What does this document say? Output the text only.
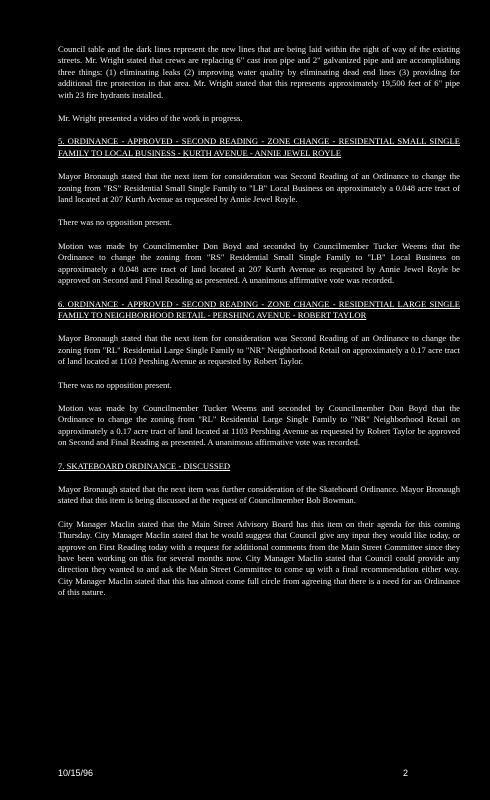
Council table and the dark lines represent the new lines that are being laid within the right of way of the existing streets. Mr. Wright stated that crews are replacing 6" cast iron pipe and 2" galvanized pipe and are accomplishing three things: (1) eliminating leaks (2) improving water quality by eliminating dead end lines (3) providing for additional fire protection in that area. Mr. Wright stated that this represents approximately 19,500 feet of 6" pipe with 23 fire hydrants installed.

Mr. Wright presented a video of the work in progress.

5. ORDINANCE - APPROVED - SECOND READING - ZONE CHANGE - RESIDENTIAL SMALL SINGLE FAMILY TO LOCAL BUSINESS - KURTH AVENUE - ANNIE JEWEL ROYLE

Mayor Bronaugh stated that the next item for consideration was Second Reading of an Ordinance to change the zoning from "RS" Residential Small Single Family to "LB" Local Business on approximately a 0.048 acre tract of land located at 207 Kurth Avenue as requested by Annie Jewel Royle.

There was no opposition present.

Motion was made by Councilmember Don Boyd and seconded by Councilmember Tucker Weems that the Ordinance to change the zoning from "RS" Residential Small Single Family to "LB" Local Business on approximately a 0.048 acre tract of land located at 207 Kurth Avenue as requested by Annie Jewel Royle be approved on Second and Final Reading as presented. A unanimous affirmative vote was recorded.

6. ORDINANCE - APPROVED - SECOND READING - ZONE CHANGE - RESIDENTIAL LARGE SINGLE FAMILY TO NEIGHBORHOOD RETAIL - PERSHING AVENUE - ROBERT TAYLOR

Mayor Bronaugh stated that the next item for consideration was Second Reading of an Ordinance to change the zoning from "RL" Residential Large Single Family to "NR" Neighborhood Retail on approximately a 0.17 acre tract of land located at 1103 Pershing Avenue as requested by Robert Taylor.

There was no opposition present.

Motion was made by Councilmember Tucker Weems and seconded by Councilmember Don Boyd that the Ordinance to change the zoning from "RL" Residential Large Single Family to "NR" Neighborhood Retail on approximately a 0.17 acre tract of land located at 1103 Pershing Avenue as requested by Robert Taylor be approved on Second and Final Reading as presented. A unanimous affirmative vote was recorded.

7. SKATEBOARD ORDINANCE - DISCUSSED

Mayor Bronaugh stated that the next item was further consideration of the Skateboard Ordinance. Mayor Bronaugh stated that this item is being discussed at the request of Councilmember Bob Bowman.

City Manager Maclin stated that the Main Street Advisory Board has this item on their agenda for this coming Thursday. City Manager Maclin stated that he would suggest that Council give any input they would like today, or approve on First Reading today with a request for additional comments from the Main Street Committee since they have been working on this for several months now. City Manager Maclin stated that Council could provide any direction they wanted to and ask the Main Street Committee to come up with a final recommendation either way. City Manager Maclin stated that this has almost come full circle from agreeing that there is a need for an Ordinance of this nature.

10/15/96	2
